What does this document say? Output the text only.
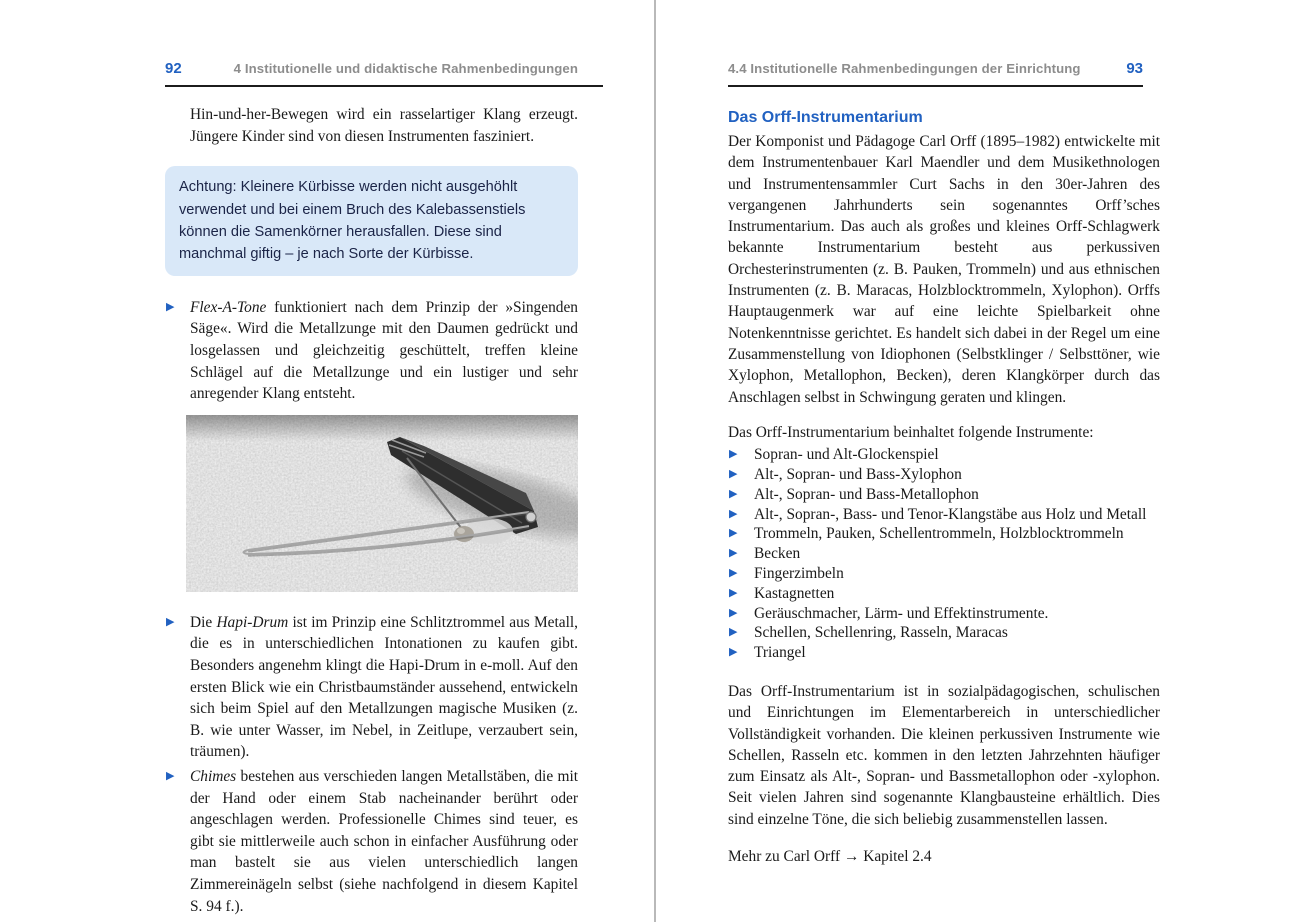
92	4 Institutionelle und didaktische Rahmenbedingungen

Hin-und-her-Bewegen wird ein rasselartiger Klang erzeugt. Jüngere Kinder sind von diesen Instrumenten fasziniert.

Achtung: Kleinere Kürbisse werden nicht ausgehöhlt verwendet und bei einem Bruch des Kalebassenstiels können die Samenkörner herausfallen. Diese sind manchmal giftig – je nach Sorte der Kürbisse.
▶ Flex-A-Tone funktioniert nach dem Prinzip der »Singenden Säge«. Wird die Metallzunge mit den Daumen gedrückt und losgelassen und gleichzeitig geschüttelt, treffen kleine Schlägel auf die Metallzunge und ein lustiger und sehr anregender Klang entsteht.
▶ Die Hapi-Drum ist im Prinzip eine Schlitztrommel aus Metall, die es in unterschiedlichen Intonationen zu kaufen gibt. Besonders angenehm klingt die Hapi-Drum in e-moll. Auf den ersten Blick wie ein Christbaumständer aussehend, entwickeln sich beim Spiel auf den Metallzungen magische Musiken (z. B. wie unter Wasser, im Nebel, in Zeitlupe, verzaubert sein, träumen).
▶ Chimes bestehen aus verschieden langen Metallstäben, die mit der Hand oder einem Stab nacheinander berührt oder angeschlagen werden. Professionelle Chimes sind teuer, es gibt sie mittlerweile auch schon in einfacher Ausführung oder man bastelt sie aus vielen unterschiedlich langen Zimmereinägeln selbst (siehe nachfolgend in diesem Kapitel S. 94 f.).
4.4 Institutionelle Rahmenbedingungen der Einrichtung	93
Das Orff-Instrumentarium

Der Komponist und Pädagoge Carl Orff (1895–1982) entwickelte mit dem Instrumentenbauer Karl Maendler und dem Musikethnologen und Instrumentensammler Curt Sachs in den 30er-Jahren des vergangenen Jahrhunderts sein sogenanntes Orff’sches Instrumentarium. Das auch als großes und kleines Orff-Schlagwerk bekannte Instrumentarium besteht aus perkussiven Orchesterinstrumenten (z. B. Pauken, Trommeln) und aus ethnischen Instrumenten (z. B. Maracas, Holzblocktrommeln, Xylophon). Orffs Hauptaugenmerk war auf eine leichte Spielbarkeit ohne Notenkenntnisse gerichtet. Es handelt sich dabei in der Regel um eine Zusammenstellung von Idiophonen (Selbstklinger / Selbsttöner, wie Xylophon, Metallophon, Becken), deren Klangkörper durch das Anschlagen selbst in Schwingung geraten und klingen.

Das Orff-Instrumentarium beinhaltet folgende Instrumente:

▶ Sopran- und Alt-Glockenspiel
▶ Alt-, Sopran- und Bass-Xylophon
▶ Alt-, Sopran- und Bass-Metallophon
▶ Alt-, Sopran-, Bass- und Tenor-Klangstäbe aus Holz und Metall
▶ Trommeln, Pauken, Schellentrommeln, Holzblocktrommeln
▶ Becken
▶ Fingerzimbeln
▶ Kastagnetten
▶ Geräuschmacher, Lärm- und Effektinstrumente.
▶ Schellen, Schellenring, Rasseln, Maracas
▶ Triangel

Das Orff-Instrumentarium ist in sozialpädagogischen, schulischen und Einrichtungen im Elementarbereich in unterschiedlicher Vollständigkeit vorhanden. Die kleinen perkussiven Instrumente wie Schellen, Rasseln etc. kommen in den letzten Jahrzehnten häufiger zum Einsatz als Alt-, Sopran- und Bassmetallophon oder -xylophon. Seit vielen Jahren sind sogenannte Klangbausteine erhältlich. Dies sind einzelne Töne, die sich beliebig zusammenstellen lassen.

Mehr zu Carl Orff → Kapitel 2.4
